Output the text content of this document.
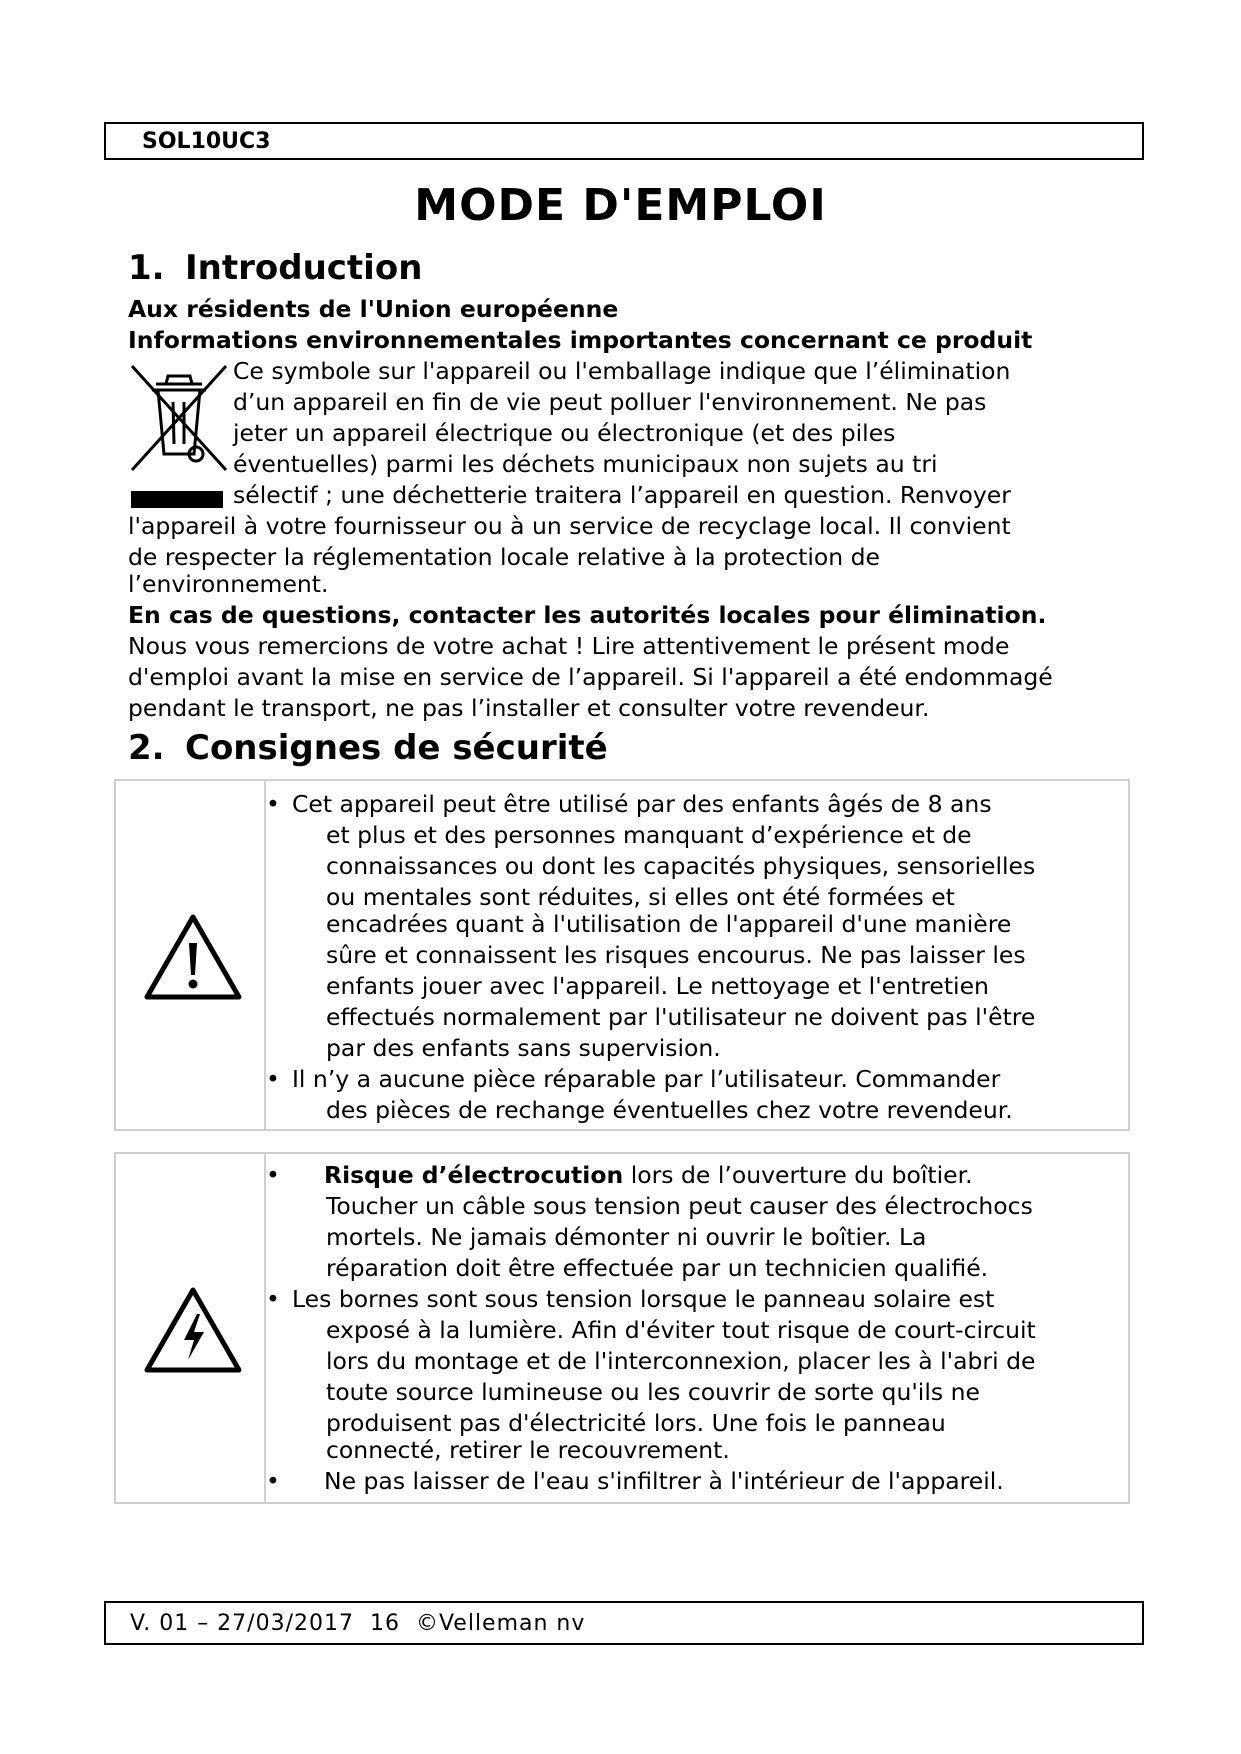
SOL10UC3
MODE D'EMPLOI
1. Introduction
Aux résidents de l'Union européenne
Informations environnementales importantes concernant ce produit
Ce symbole sur l'appareil ou l'emballage indique que l’élimination
d’un appareil en fin de vie peut polluer l'environnement. Ne pas
jeter un appareil électrique ou électronique (et des piles
éventuelles) parmi les déchets municipaux non sujets au tri
sélectif ; une déchetterie traitera l’appareil en question. Renvoyer
l'appareil à votre fournisseur ou à un service de recyclage local. Il convient
de respecter la réglementation locale relative à la protection de
l’environnement.
En cas de questions, contacter les autorités locales pour élimination.
Nous vous remercions de votre achat ! Lire attentivement le présent mode
d'emploi avant la mise en service de l’appareil. Si l'appareil a été endommagé
pendant le transport, ne pas l’installer et consulter votre revendeur.
2. Consignes de sécurité
• Cet appareil peut être utilisé par des enfants âgés de 8 ans
et plus et des personnes manquant d’expérience et de
connaissances ou dont les capacités physiques, sensorielles
ou mentales sont réduites, si elles ont été formées et
encadrées quant à l'utilisation de l'appareil d'une manière
sûre et connaissent les risques encourus. Ne pas laisser les
enfants jouer avec l'appareil. Le nettoyage et l'entretien
effectués normalement par l'utilisateur ne doivent pas l'être
par des enfants sans supervision.
• Il n’y a aucune pièce réparable par l’utilisateur. Commander
des pièces de rechange éventuelles chez votre revendeur.
• Risque d’électrocution lors de l’ouverture du boîtier.
Toucher un câble sous tension peut causer des électrochocs
mortels. Ne jamais démonter ni ouvrir le boîtier. La
réparation doit être effectuée par un technicien qualifié.
• Les bornes sont sous tension lorsque le panneau solaire est
exposé à la lumière. Afin d'éviter tout risque de court-circuit
lors du montage et de l'interconnexion, placer les à l'abri de
toute source lumineuse ou les couvrir de sorte qu'ils ne
produisent pas d'électricité lors. Une fois le panneau
connecté, retirer le recouvrement.
• Ne pas laisser de l'eau s'infiltrer à l'intérieur de l'appareil.
V. 01 – 27/03/2017  16  ©Velleman nv
